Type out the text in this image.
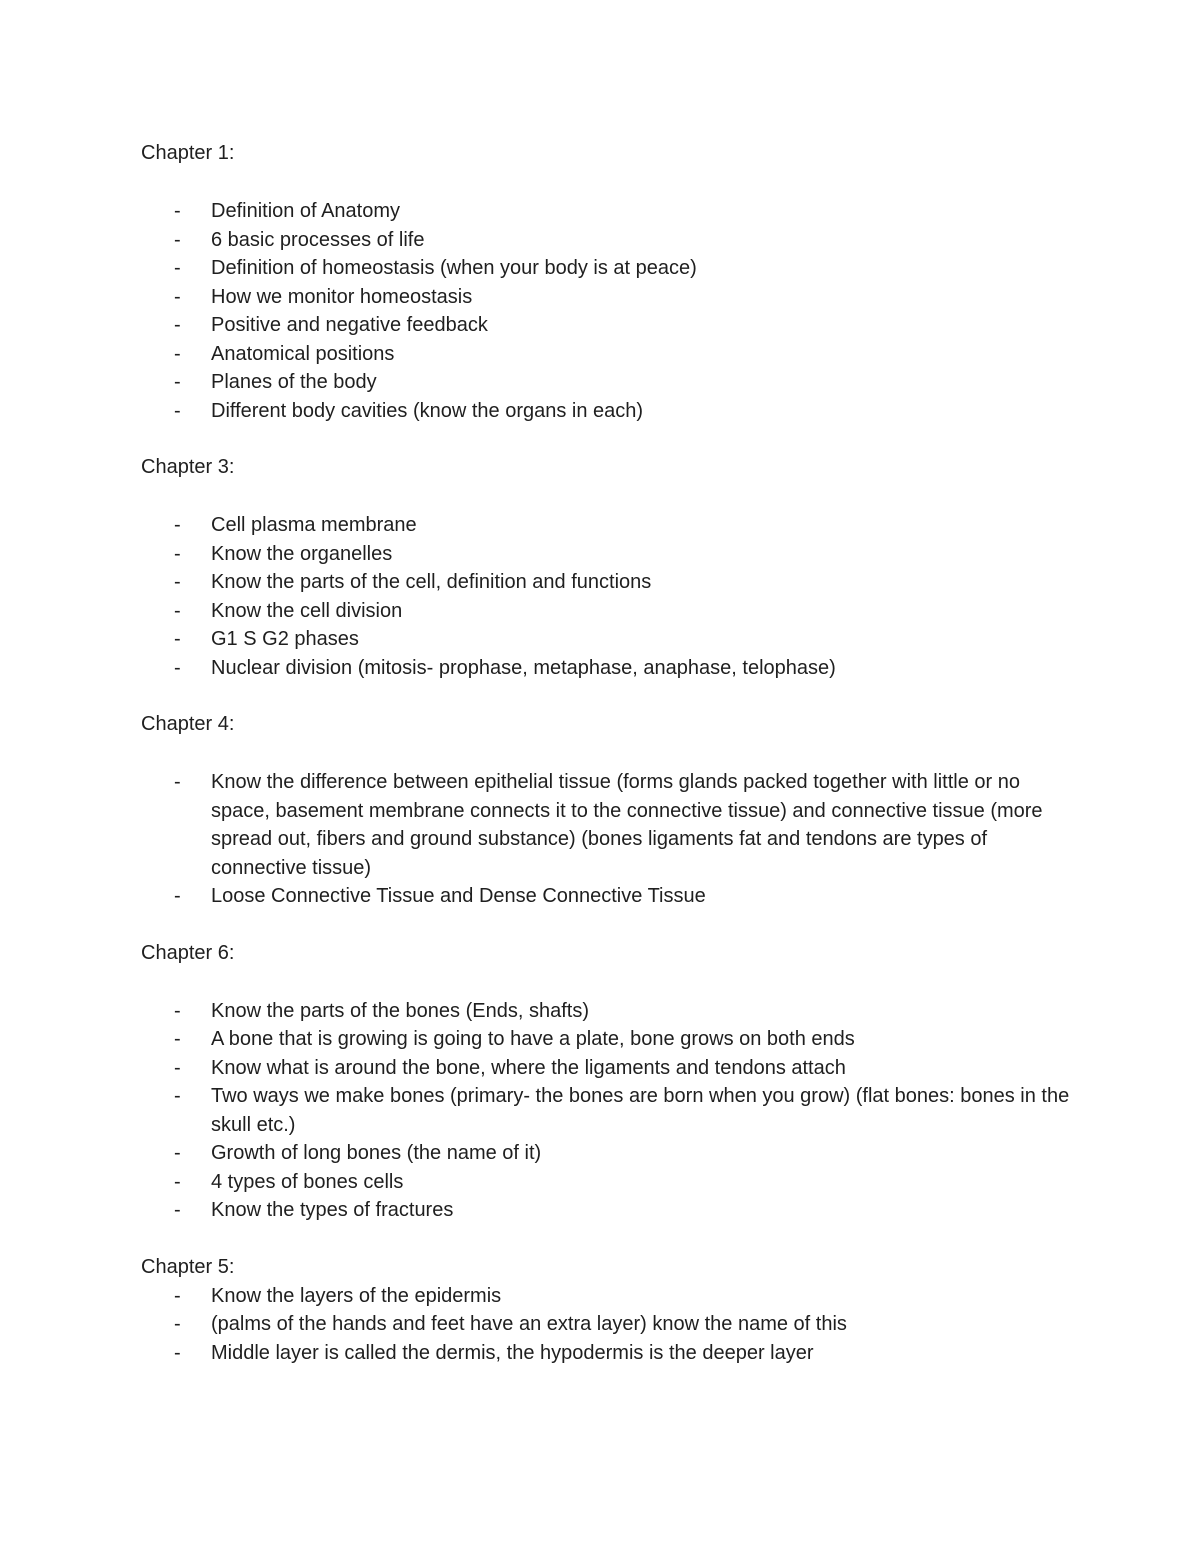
Chapter 1:

- Definition of Anatomy
- 6 basic processes of life
- Definition of homeostasis (when your body is at peace)
- How we monitor homeostasis
- Positive and negative feedback
- Anatomical positions
- Planes of the body
- Different body cavities (know the organs in each)

Chapter 3:

- Cell plasma membrane
- Know the organelles
- Know the parts of the cell, definition and functions
- Know the cell division
- G1 S G2 phases
- Nuclear division (mitosis- prophase, metaphase, anaphase, telophase)

Chapter 4:

- Know the difference between epithelial tissue (forms glands packed together with little or no space, basement membrane connects it to the connective tissue) and connective tissue (more spread out, fibers and ground substance) (bones ligaments fat and tendons are types of connective tissue)
- Loose Connective Tissue and Dense Connective Tissue

Chapter 6:

- Know the parts of the bones (Ends, shafts)
- A bone that is growing is going to have a plate, bone grows on both ends
- Know what is around the bone, where the ligaments and tendons attach
- Two ways we make bones (primary- the bones are born when you grow) (flat bones: bones in the skull etc.)
- Growth of long bones (the name of it)
- 4 types of bones cells
- Know the types of fractures

Chapter 5:

- Know the layers of the epidermis
- (palms of the hands and feet have an extra layer) know the name of this
- Middle layer is called the dermis, the hypodermis is the deeper layer
